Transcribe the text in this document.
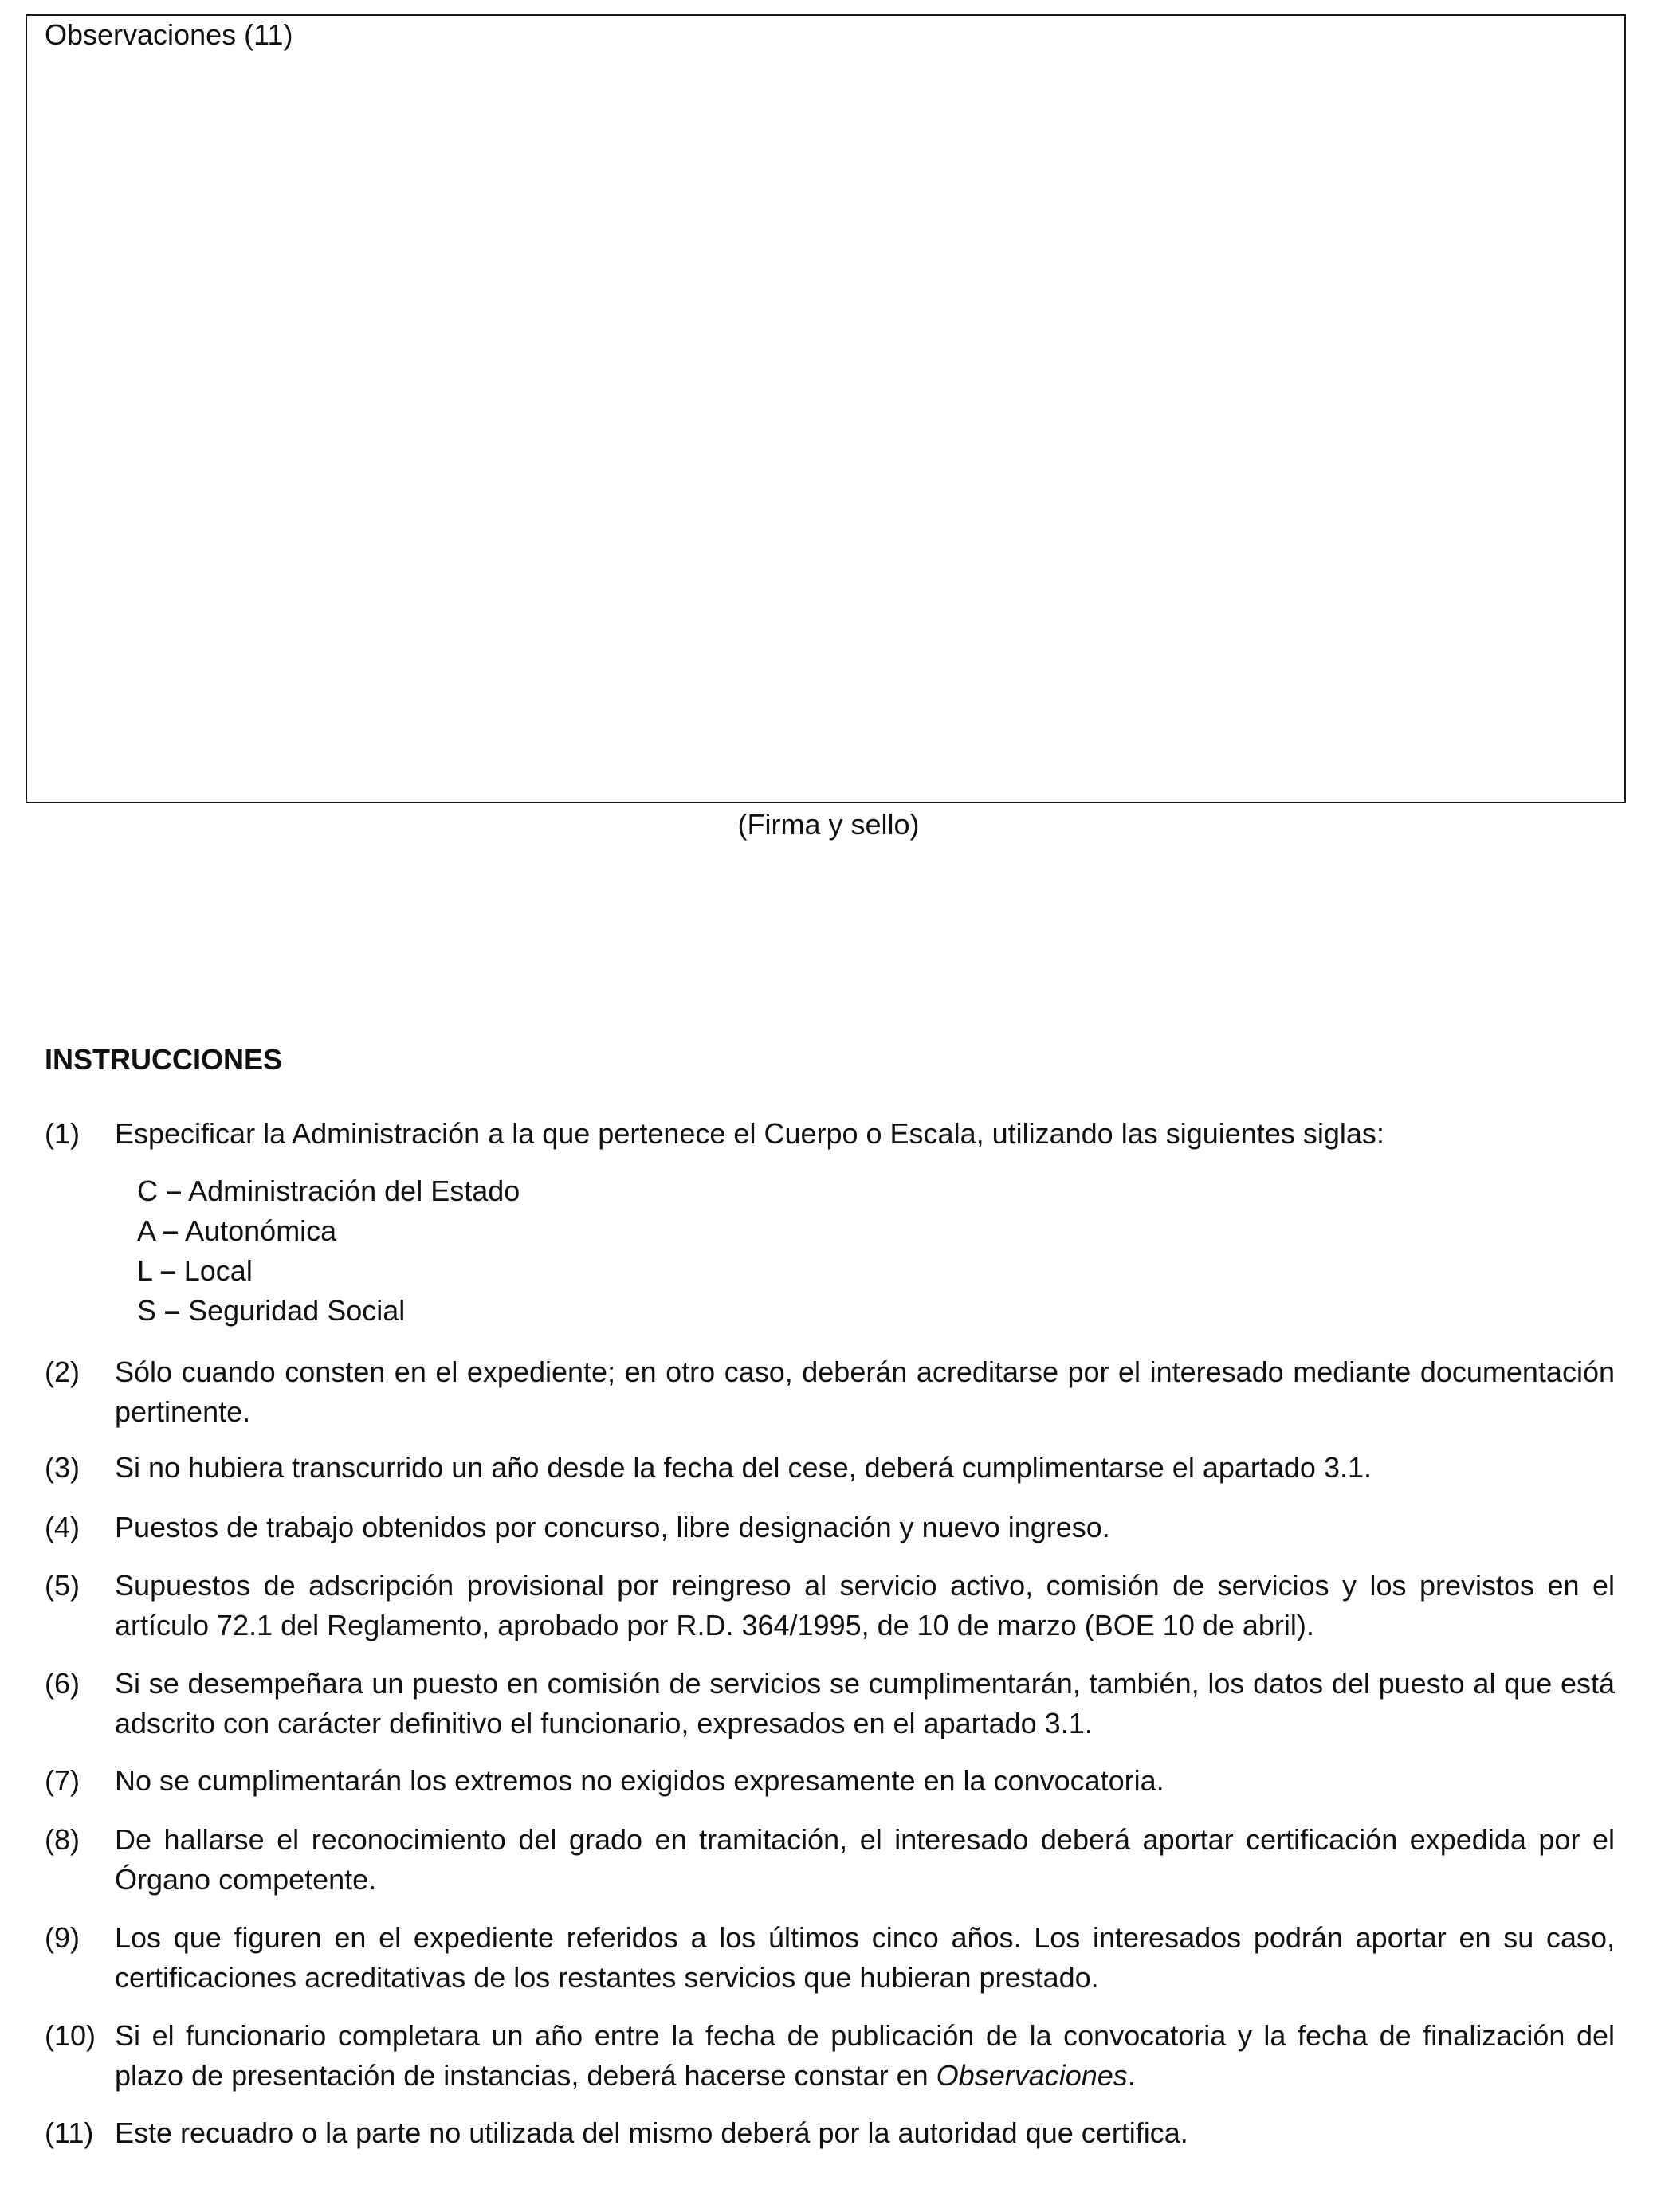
Observaciones (11)
(Firma y sello)
INSTRUCCIONES
(1)	Especificar la Administración a la que pertenece el Cuerpo o Escala, utilizando las siguientes siglas:
C – Administración del Estado
A – Autonómica
L – Local
S – Seguridad Social
(2)	Sólo cuando consten en el expediente; en otro caso, deberán acreditarse por el interesado mediante documentación pertinente.
(3)	Si no hubiera transcurrido un año desde la fecha del cese, deberá cumplimentarse el apartado 3.1.
(4)	Puestos de trabajo obtenidos por concurso, libre designación y nuevo ingreso.
(5)	Supuestos de adscripción provisional por reingreso al servicio activo, comisión de servicios y los previstos en el artículo 72.1 del Reglamento, aprobado por R.D. 364/1995, de 10 de marzo (BOE 10 de abril).
(6)	Si se desempeñara un puesto en comisión de servicios se cumplimentarán, también, los datos del puesto al que está adscrito con carácter definitivo el funcionario, expresados en el apartado 3.1.
(7)	No se cumplimentarán los extremos no exigidos expresamente en la convocatoria.
(8)	De hallarse el reconocimiento del grado en tramitación, el interesado deberá aportar certificación expedida por el Órgano competente.
(9)	Los que figuren en el expediente referidos a los últimos cinco años. Los interesados podrán aportar en su caso, certificaciones acreditativas de los restantes servicios que hubieran prestado.
(10) Si el funcionario completara un año entre la fecha de publicación de la convocatoria y la fecha de finalización del plazo de presentación de instancias, deberá hacerse constar en Observaciones.
(11) Este recuadro o la parte no utilizada del mismo deberá por la autoridad que certifica.
